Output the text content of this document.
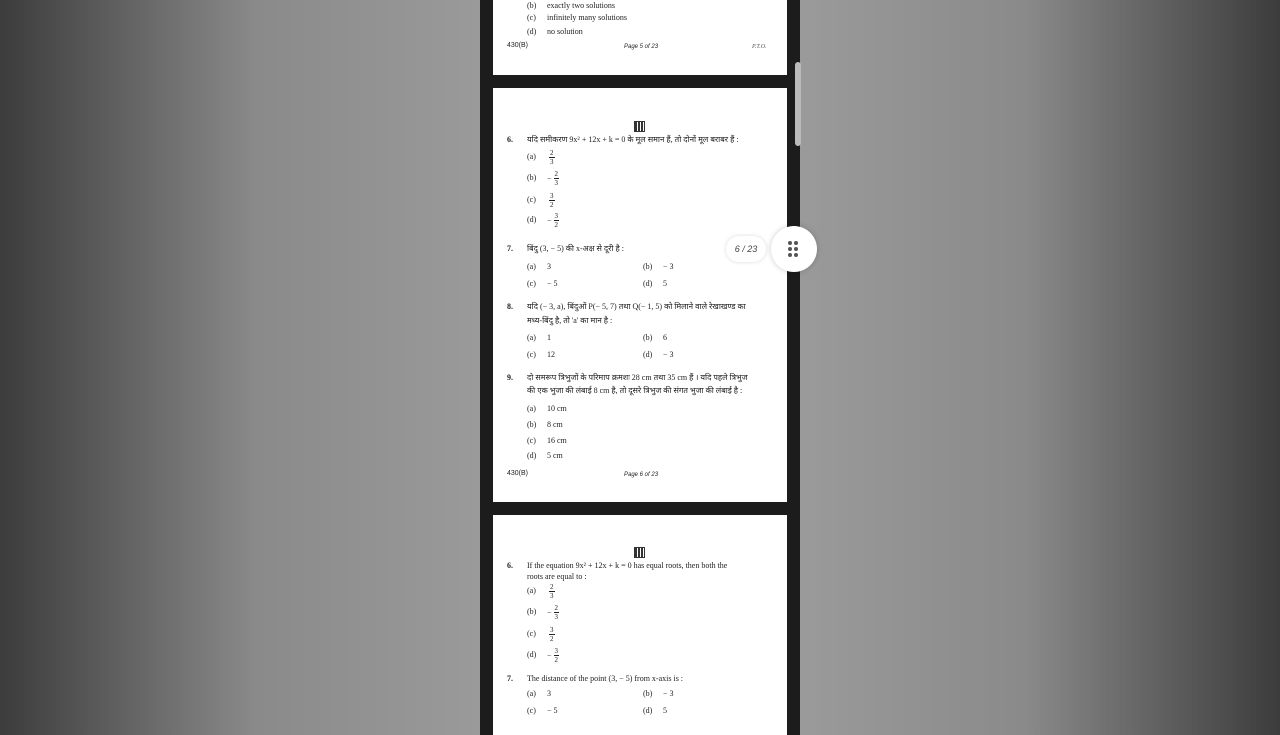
(b) exactly two solutions
(c) infinitely many solutions
(d) no solution
430(B)	Page 5 of 23	P.T.O.
6. यदि समीकरण 9x² + 12x + k = 0 के मूल समान हैं, तो दोनों मूल बराबर हैं :
7. बिंदु (3, − 5) की x-अक्ष से दूरी है :
8. यदि (− 3, a), बिंदुओं P(− 5, 7) तथा Q(− 1, 5) को मिलाने वाले रेखाखण्ड का
मध्य-बिंदु है, तो 'a' का मान है :
9. दो समरूप त्रिभुजों के परिमाप क्रमशः 28 cm तथा 35 cm हैं । यदि पहले त्रिभुज
की एक भुजा की लंबाई 8 cm है, तो दूसरे त्रिभुज की संगत भुजा की लंबाई है :
430(B)	Page 6 of 23
6. If the equation 9x² + 12x + k = 0 has equal roots, then both the
roots are equal to :
7. The distance of the point (3, − 5) from x-axis is :
6 / 23
$(a) \frac{2}{3}$
$(b) - \frac{2}{3}$
$(c) \frac{3}{2}$
$(d) - \frac{3}{2}$
(a) 3	(b) − 3
(c) − 5	(d) 5
(a) 1	(b) 6
(c) 12	(d) − 3
(a) 10 cm
(b) 8 cm
(c) 16 cm
(d) 5 cm
$(a) \frac{2}{3}$
$(b) - \frac{2}{3}$
$(c) \frac{3}{2}$
$(d) - \frac{3}{2}$
(a) 3	(b) − 3
(c) − 5	(d) 5
